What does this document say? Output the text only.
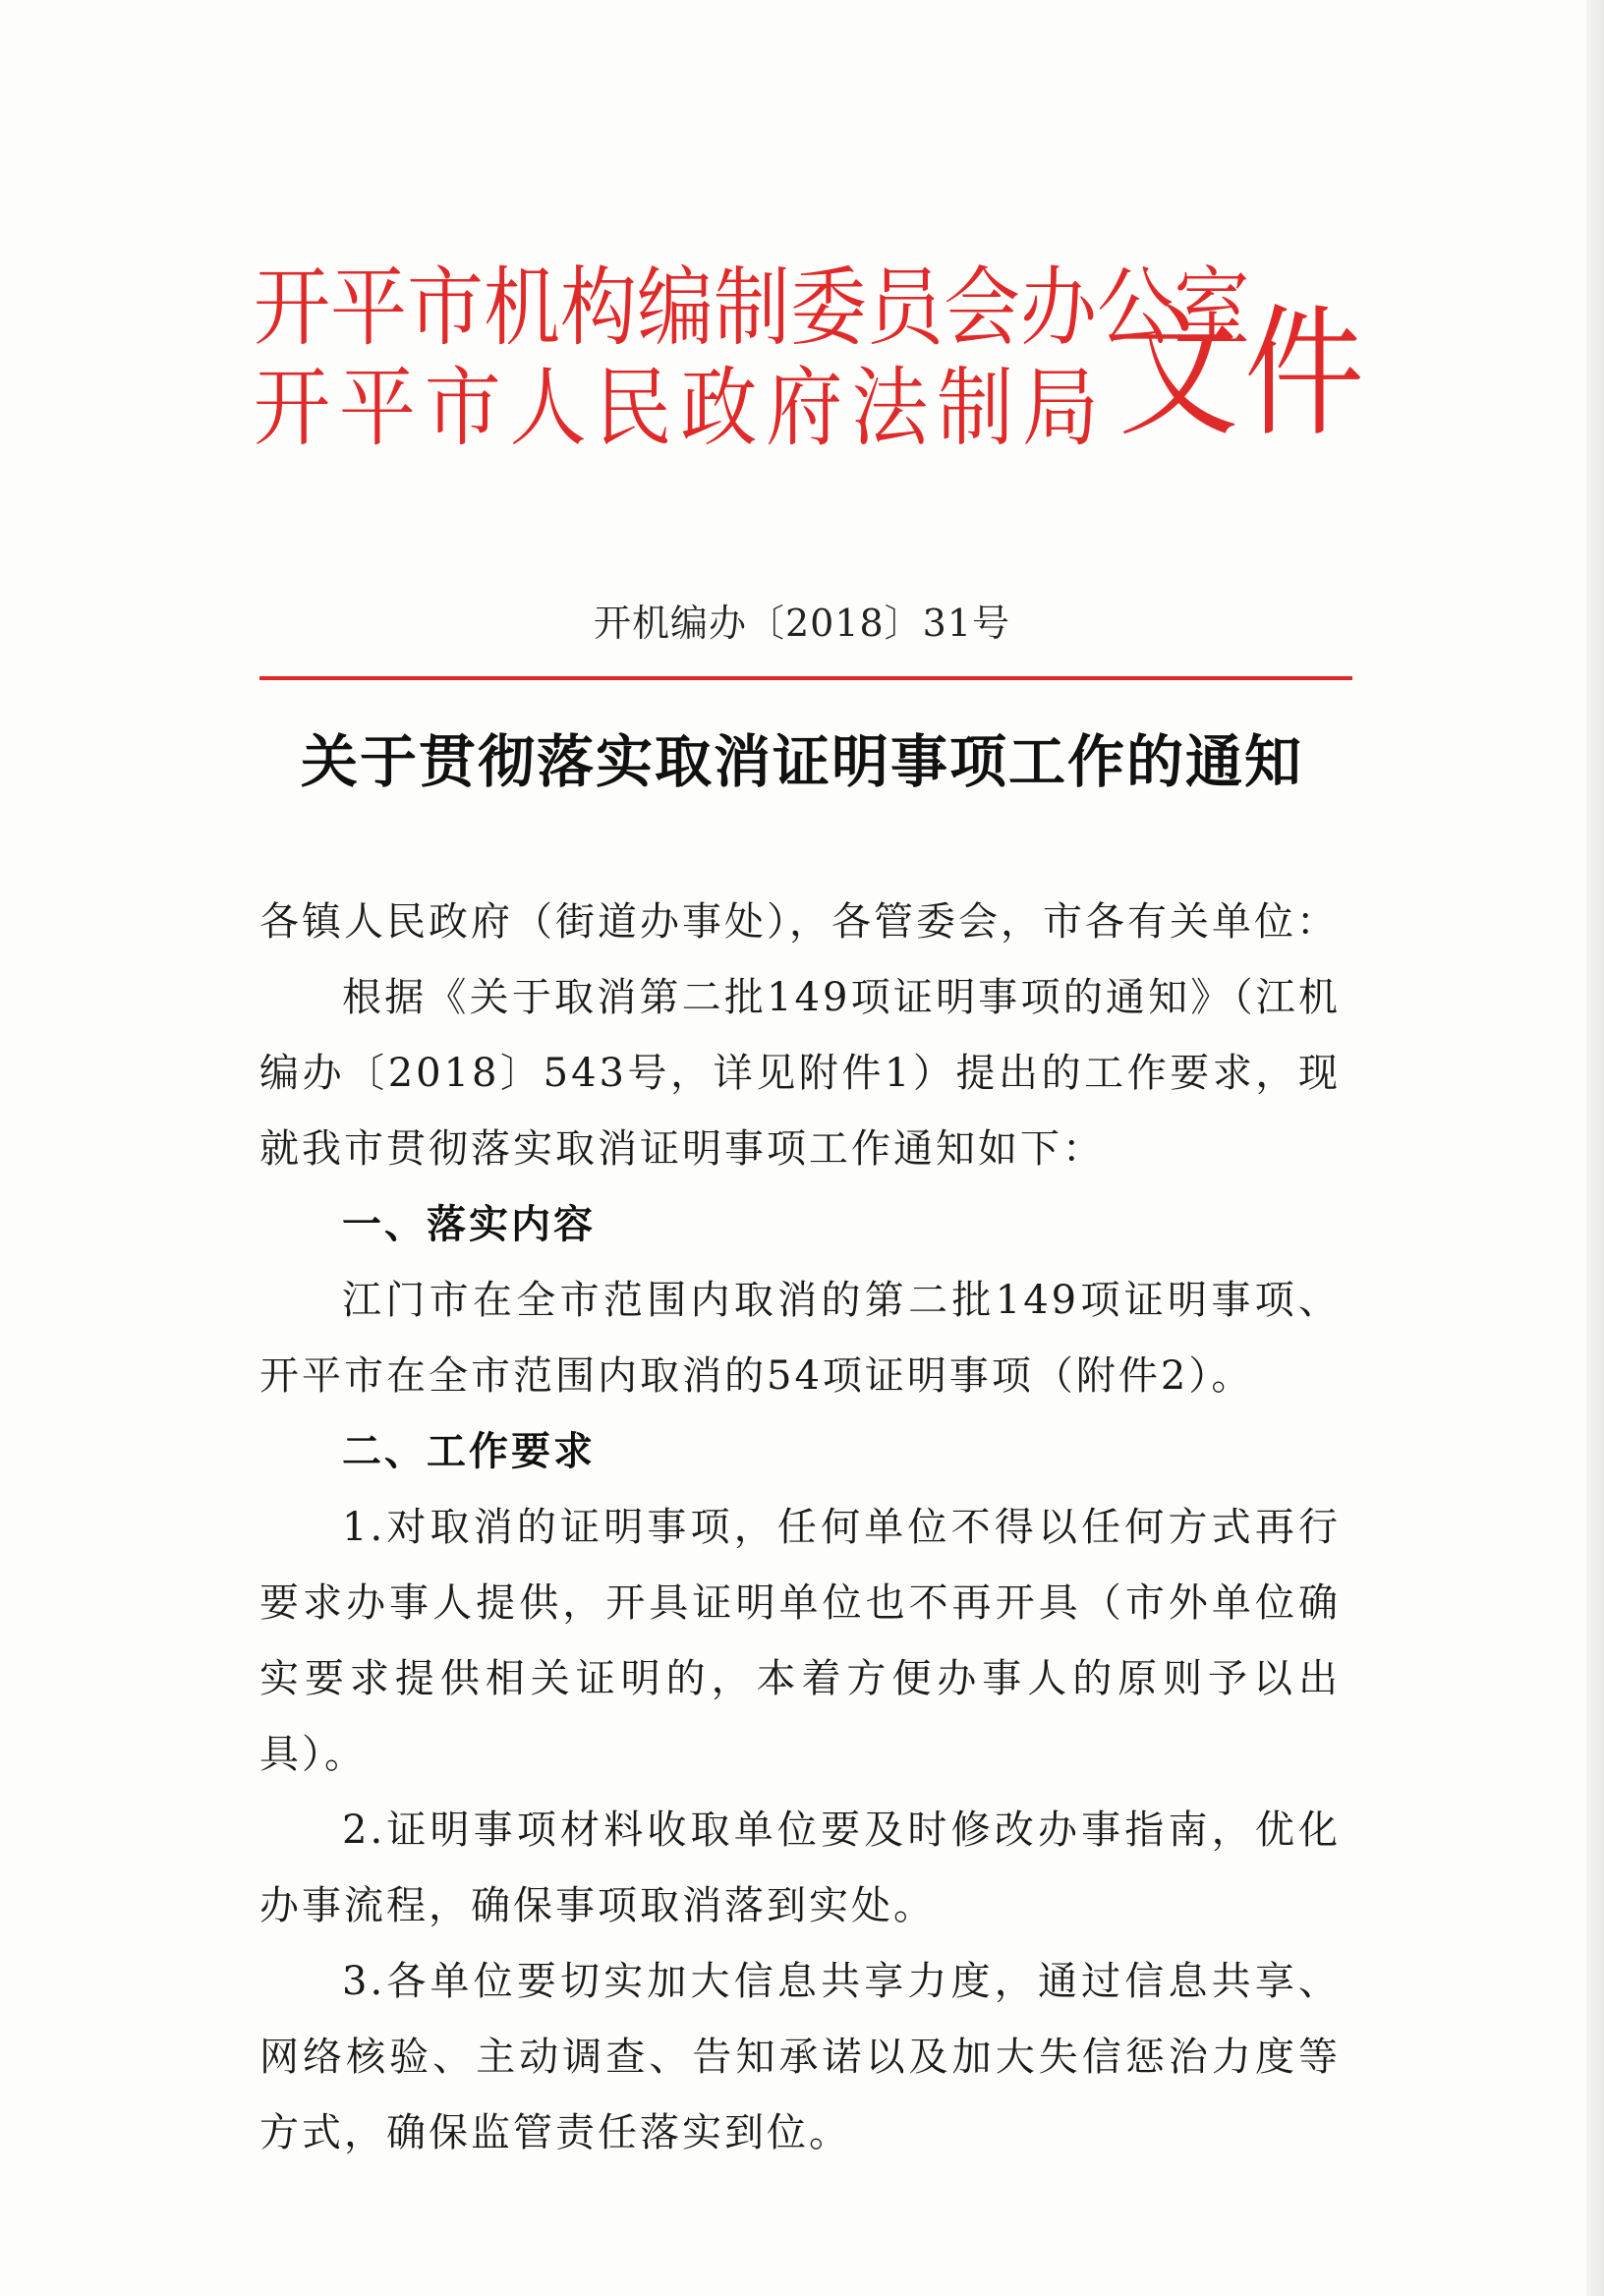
开平市机构编制委员会办公室
开平市人民政府法制局 文件
开机编办〔2018〕31号
关于贯彻落实取消证明事项工作的通知

各镇人民政府（街道办事处），各管委会，市各有关单位：

根据《关于取消第二批149项证明事项的通知》（江机编办〔2018〕543号，详见附件1）提出的工作要求，现就我市贯彻落实取消证明事项工作通知如下：

一、落实内容

江门市在全市范围内取消的第二批149项证明事项、开平市在全市范围内取消的54项证明事项（附件2）。

二、工作要求

1.对取消的证明事项，任何单位不得以任何方式再行要求办事人提供，开具证明单位也不再开具（市外单位确实要求提供相关证明的，本着方便办事人的原则予以出具）。

2.证明事项材料收取单位要及时修改办事指南，优化办事流程，确保事项取消落到实处。

3.各单位要切实加大信息共享力度，通过信息共享、网络核验、主动调查、告知承诺以及加大失信惩治力度等方式，确保监管责任落实到位。
